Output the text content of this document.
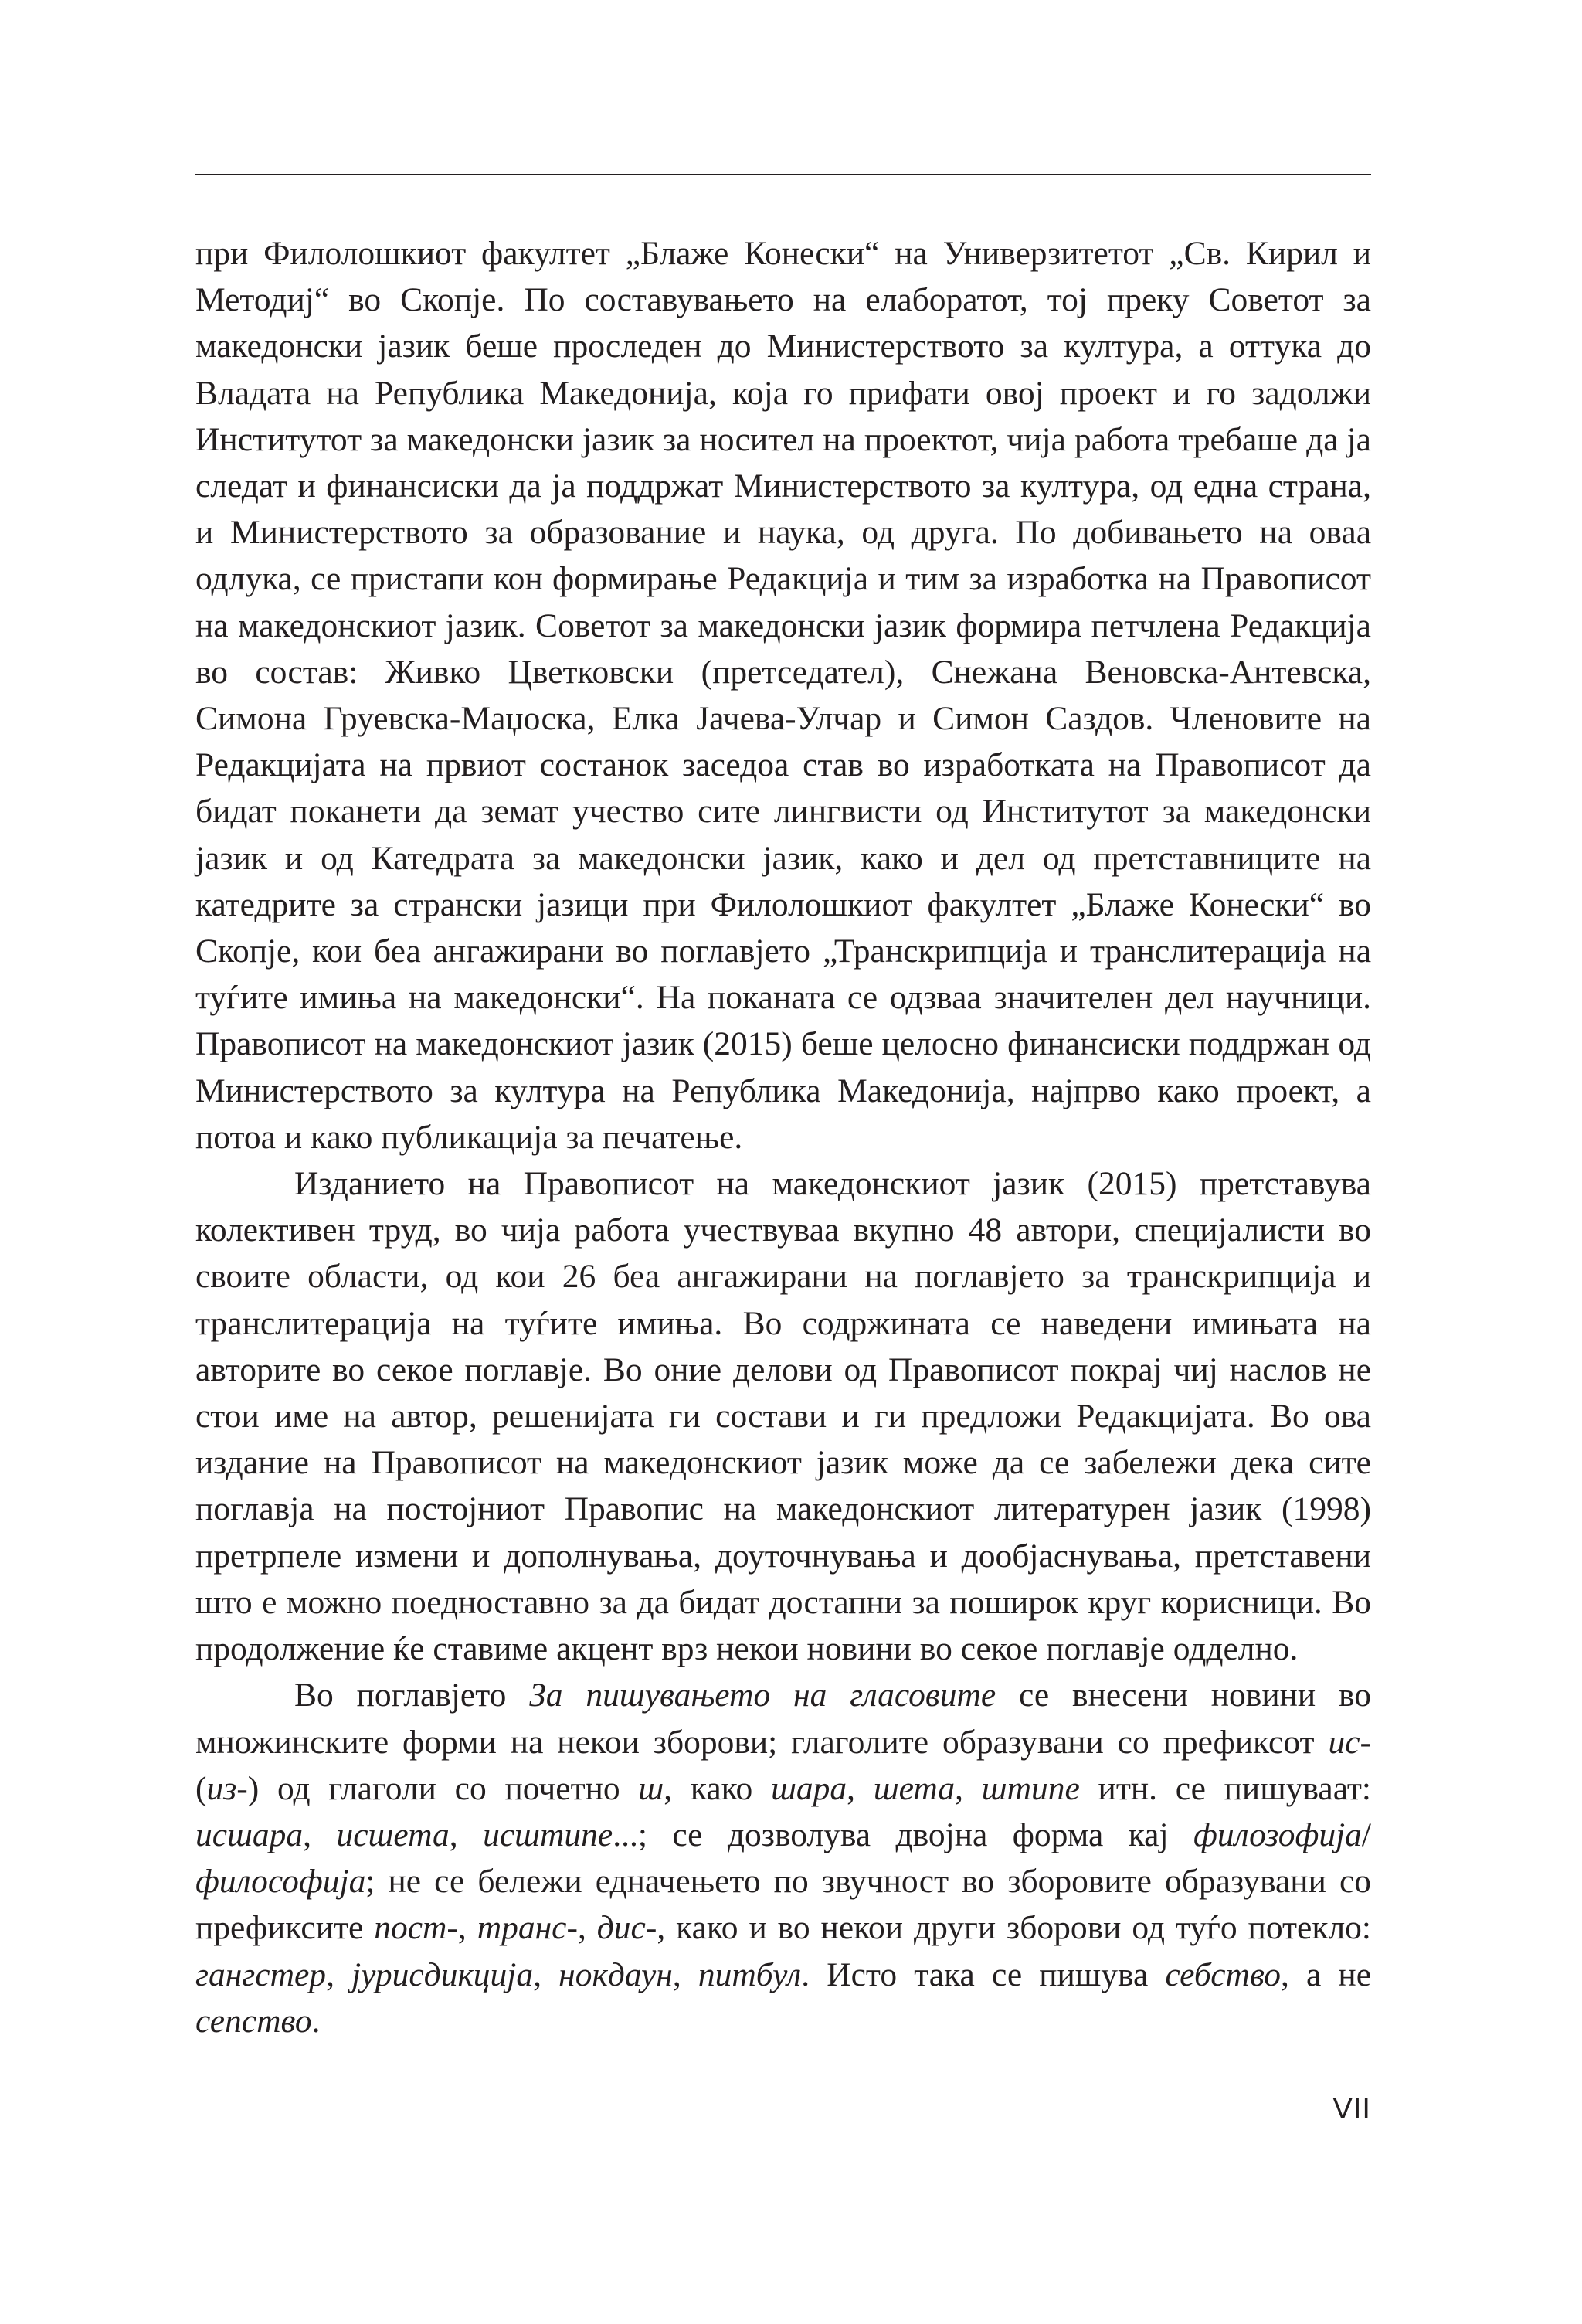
при Филолошкиот факултет „Блаже Конески“ на Универзитетот „Св. Кирил и Методиј“ во Скопје. По составувањето на елаборатот, тој преку Советот за македонски јазик беше проследен до Министерството за култура, а оттука до Владата на Република Македонија, која го прифати овој проект и го задолжи Институтот за македонски јазик за носител на проектот, чија работа требаше да ја следат и финансиски да ја поддржат Министерството за култура, од една страна, и Министерството за образование и наука, од друга. По добивањето на оваа одлука, се пристапи кон формирање Редакција и тим за изработка на Правописот на македонскиот јазик. Советот за македонски јазик формира петчлена Редакција во состав: Живко Цветковски (претседател), Снежана Веновска-Антевска, Симона Груевска-Маџоска, Елка Јачева-Улчар и Симон Саздов. Членовите на Редакцијата на првиот состанок заседоа став во изработката на Правописот да бидат поканети да земат учество сите лингвисти од Институтот за македонски јазик и од Катедрата за македонски јазик, како и дел од претставниците на катедрите за странски јазици при Филолошкиот факултет „Блаже Конески“ во Скопје, кои беа ангажирани во поглавјето „Транскрипција и транслитерација на туѓите имиња на македонски“. На поканата се одзваа значителен дел научници. Правописот на македонскиот јазик (2015) беше целосно финансиски поддржан од Министерството за култура на Република Македонија, најпрво како проект, а потоа и како публикација за печатење.

Изданието на Правописот на македонскиот јазик (2015) претставува колективен труд, во чија работа учествуваа вкупно 48 автори, специјалисти во своите области, од кои 26 беа ангажирани на поглавјето за транскрипција и транслитерација на туѓите имиња. Во содржината се наведени имињата на авторите во секое поглавје. Во оние делови од Правописот покрај чиј наслов не стои име на автор, решенијата ги состави и ги предложи Редакцијата. Во ова издание на Правописот на македонскиот јазик може да се забележи дека сите поглавја на постојниот Правопис на македонскиот литературен јазик (1998) претрпеле измени и дополнувања, доуточнувања и дообјаснувања, претставени што е можно поедноставно за да бидат достапни за поширок круг корисници. Во продолжение ќе ставиме акцент врз некои новини во секое поглавје одделно.

Во поглавјето За пишувањето на гласовите се внесени новини во множинските форми на некои зборови; глаголите образувани со префиксот ис- (из-) од глаголи со почетно ш, како шара, шета, штипе итн. се пишуваат: исшара, исшета, исштипе...; се дозволува двојна форма кај филозофија/философија; не се бележи едначењето по звучност во зборовите образувани со префиксите пост-, транс-, дис-, како и во некои други зборови од туѓо потекло: гангстер, јурисдикција, нокдаун, питбул. Исто така се пишува себство, а не сепство.

VII
